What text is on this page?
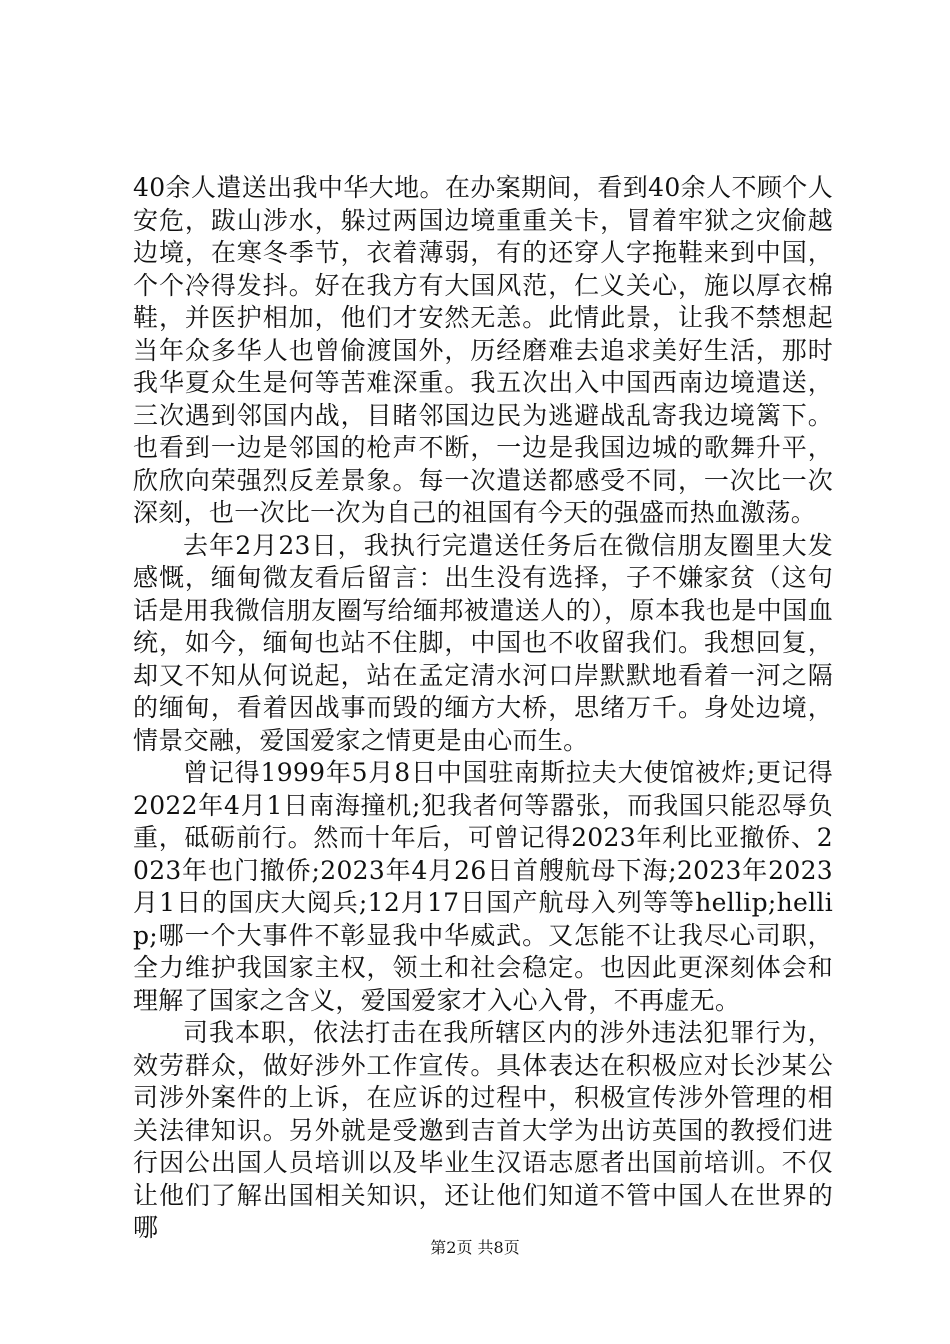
40余人遣送出我中华大地。在办案期间，看到40余人不顾个人安危，跋山涉水，躲过两国边境重重关卡，冒着牢狱之灾偷越边境，在寒冬季节，衣着薄弱，有的还穿人字拖鞋来到中国，个个冷得发抖。好在我方有大国风范，仁义关心，施以厚衣棉鞋，并医护相加，他们才安然无恙。此情此景，让我不禁想起当年众多华人也曾偷渡国外，历经磨难去追求美好生活，那时我华夏众生是何等苦难深重。我五次出入中国西南边境遣送，三次遇到邻国内战，目睹邻国边民为逃避战乱寄我边境篱下。也看到一边是邻国的枪声不断，一边是我国边城的歌舞升平，欣欣向荣强烈反差景象。每一次遣送都感受不同，一次比一次深刻，也一次比一次为自己的祖国有今天的强盛而热血激荡。

去年2月23日，我执行完遣送任务后在微信朋友圈里大发感慨，缅甸微友看后留言：出生没有选择，子不嫌家贫（这句话是用我微信朋友圈写给缅邦被遣送人的），原本我也是中国血统，如今，缅甸也站不住脚，中国也不收留我们。我想回复，却又不知从何说起，站在孟定清水河口岸默默地看着一河之隔的缅甸，看着因战事而毁的缅方大桥，思绪万千。身处边境，情景交融，爱国爱家之情更是由心而生。

曾记得1999年5月8日中国驻南斯拉夫大使馆被炸;更记得2022年4月1日南海撞机;犯我者何等嚣张，而我国只能忍辱负重，砥砺前行。然而十年后，可曾记得2023年利比亚撤侨、2023年也门撤侨;2023年4月26日首艘航母下海;2023年2023月1日的国庆大阅兵;12月17日国产航母入列等等hellip;hellip;哪一个大事件不彰显我中华威武。又怎能不让我尽心司职，全力维护我国家主权，领土和社会稳定。也因此更深刻体会和理解了国家之含义，爱国爱家才入心入骨，不再虚无。

司我本职，依法打击在我所辖区内的涉外违法犯罪行为，效劳群众，做好涉外工作宣传。具体表达在积极应对长沙某公司涉外案件的上诉，在应诉的过程中，积极宣传涉外管理的相关法律知识。另外就是受邀到吉首大学为出访英国的教授们进行因公出国人员培训以及毕业生汉语志愿者出国前培训。不仅让他们了解出国相关知识，还让他们知道不管中国人在世界的哪

第2页 共8页
